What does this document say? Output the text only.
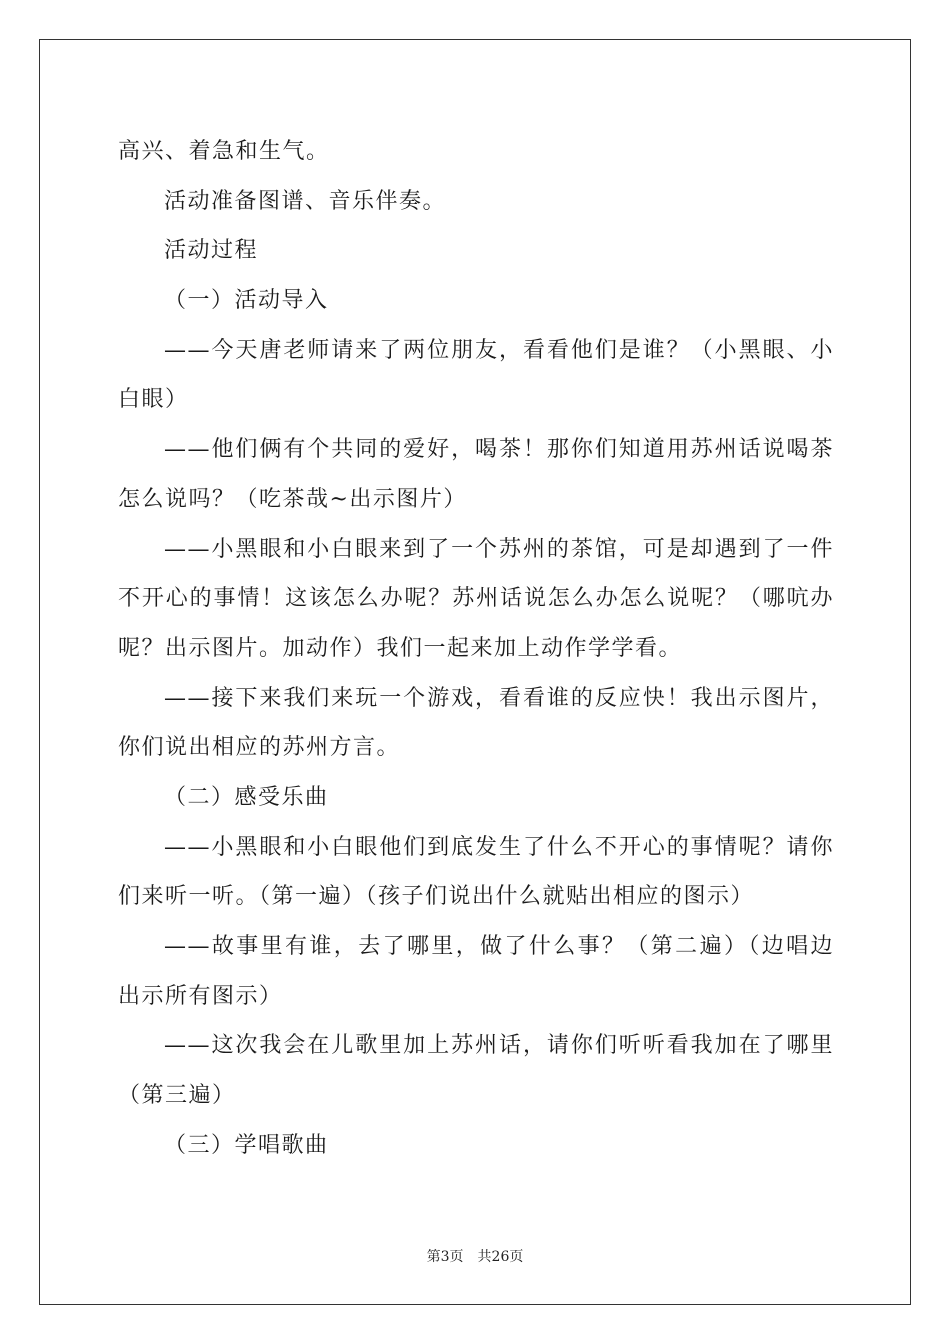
高兴、着急和生气。
活动准备图谱、音乐伴奏。
活动过程
（一）活动导入
——今天唐老师请来了两位朋友，看看他们是谁？（小黑眼、小
白眼）
——他们俩有个共同的爱好，喝茶！那你们知道用苏州话说喝茶
怎么说吗？（吃茶哉~出示图片）
——小黑眼和小白眼来到了一个苏州的茶馆，可是却遇到了一件
不开心的事情！这该怎么办呢？苏州话说怎么办怎么说呢？（哪吭办
呢？出示图片。加动作）我们一起来加上动作学学看。
——接下来我们来玩一个游戏，看看谁的反应快！我出示图片，
你们说出相应的苏州方言。
（二）感受乐曲
——小黑眼和小白眼他们到底发生了什么不开心的事情呢？请你
们来听一听。（第一遍）（孩子们说出什么就贴出相应的图示）
——故事里有谁，去了哪里，做了什么事？（第二遍）（边唱边
出示所有图示）
——这次我会在儿歌里加上苏州话，请你们听听看我加在了哪里
（第三遍）
（三）学唱歌曲
第3页 共26页
